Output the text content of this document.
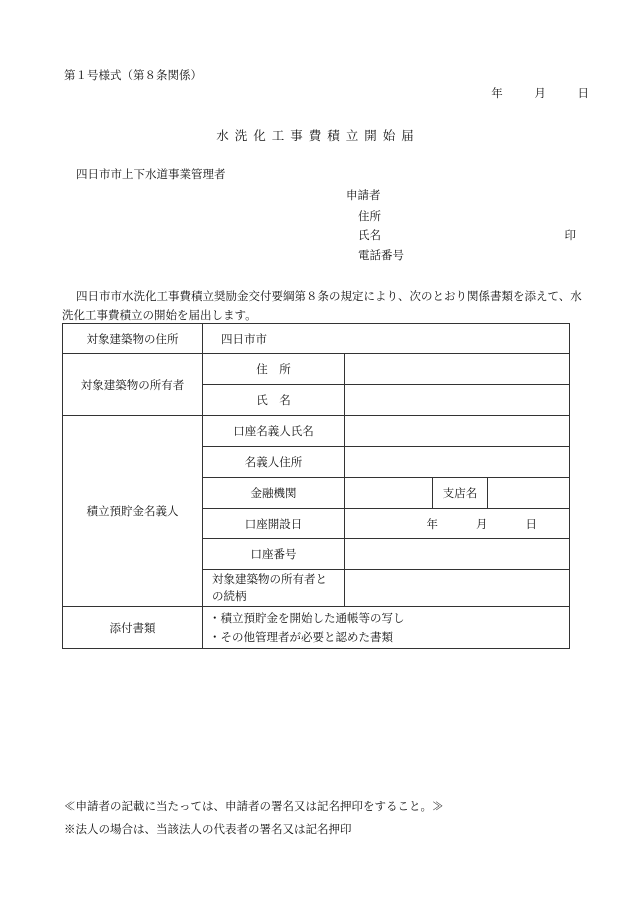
第１号様式（第８条関係）
年	月	日
水洗化工事費積立開始届
四日市市上下水道事業管理者
申請者
住所
氏名	印
電話番号
四日市市水洗化工事費積立奨励金交付要綱第８条の規定により、次のとおり関係書類を添えて、水洗化工事費積立の開始を届出します。
対象建築物の住所	四日市市			
対象建築物の所有者	住　所			
	氏　名			
積立預貯金名義人	口座名義人氏名			
	名義人住所			
	金融機関		支店名	
	口座開設日	年 月 日		
	口座番号			
	対象建築物の所有者との続柄			
添付書類	・積立預貯金を開始した通帳等の写し
・その他管理者が必要と認めた書類			
≪申請者の記載に当たっては、申請者の署名又は記名押印をすること。≫
※法人の場合は、当該法人の代表者の署名又は記名押印
